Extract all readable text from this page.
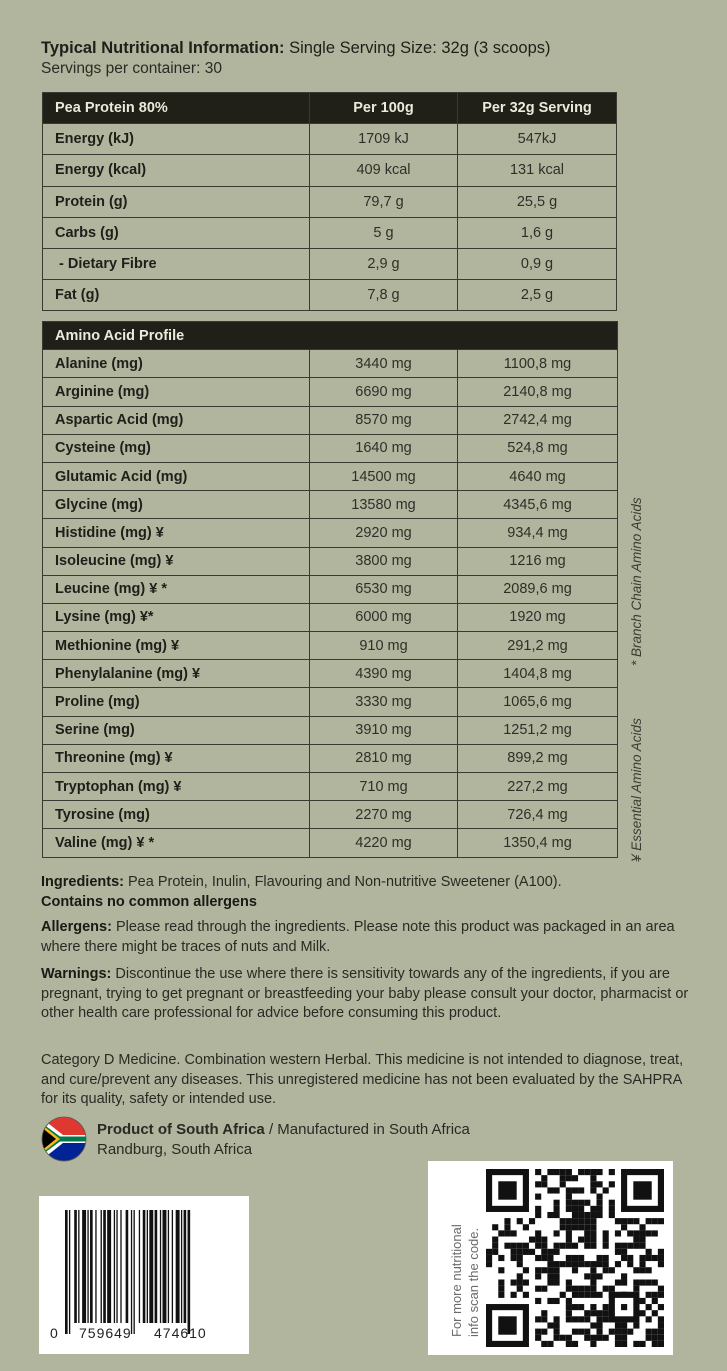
Typical Nutritional Information: Single Serving Size: 32g (3 scoops)
Servings per container: 30
Pea Protein 80%	Per 100g	Per 32g Serving
Energy (kJ)	1709 kJ	547kJ
Energy (kcal)	409 kcal	131 kcal
Protein (g)	79,7 g	25,5 g
Carbs (g)	5 g	1,6 g
- Dietary Fibre	2,9 g	0,9 g
Fat (g)	7,8 g	2,5 g
Amino Acid Profile		
Alanine (mg)	3440 mg	1100,8 mg
Arginine (mg)	6690 mg	2140,8 mg
Aspartic Acid (mg)	8570 mg	2742,4 mg
Cysteine (mg)	1640 mg	524,8 mg
Glutamic Acid (mg)	14500 mg	4640 mg
Glycine (mg)	13580 mg	4345,6 mg
Histidine (mg) ¥	2920 mg	934,4 mg
Isoleucine (mg) ¥	3800 mg	1216 mg
Leucine (mg) ¥ *	6530 mg	2089,6 mg
Lysine (mg) ¥*	6000 mg	1920 mg
Methionine (mg) ¥	910 mg	291,2 mg
Phenylalanine (mg) ¥	4390 mg	1404,8 mg
Proline (mg)	3330 mg	1065,6 mg
Serine (mg)	3910 mg	1251,2 mg
Threonine (mg) ¥	2810 mg	899,2 mg
Tryptophan (mg) ¥	710 mg	227,2 mg
Tyrosine (mg)	2270 mg	726,4 mg
Valine (mg) ¥ *	4220 mg	1350,4 mg	¥ Essential Amino Acids
* Branch Chain Amino Acids
Ingredients: Pea Protein, Inulin, Flavouring and Non-nutritive Sweetener (A100).
Contains no common allergens
Allergens: Please read through the ingredients. Please note this product was packaged in an area where there might be traces of nuts and Milk.
Warnings: Discontinue the use where there is sensitivity towards any of the ingredients, if you are pregnant, trying to get pregnant or breastfeeding your baby please consult your doctor, pharmacist or other health care professional for advice before consuming this product.
Category D Medicine. Combination western Herbal. This medicine is not intended to diagnose, treat, and cure/prevent any diseases. This unregistered medicine has not been evaluated by the SAHPRA for its quality, safety or intended use.
Product of South Africa / Manufactured in South Africa
Randburg, South Africa
0 759649 474610	For more nutritional info scan the code.
